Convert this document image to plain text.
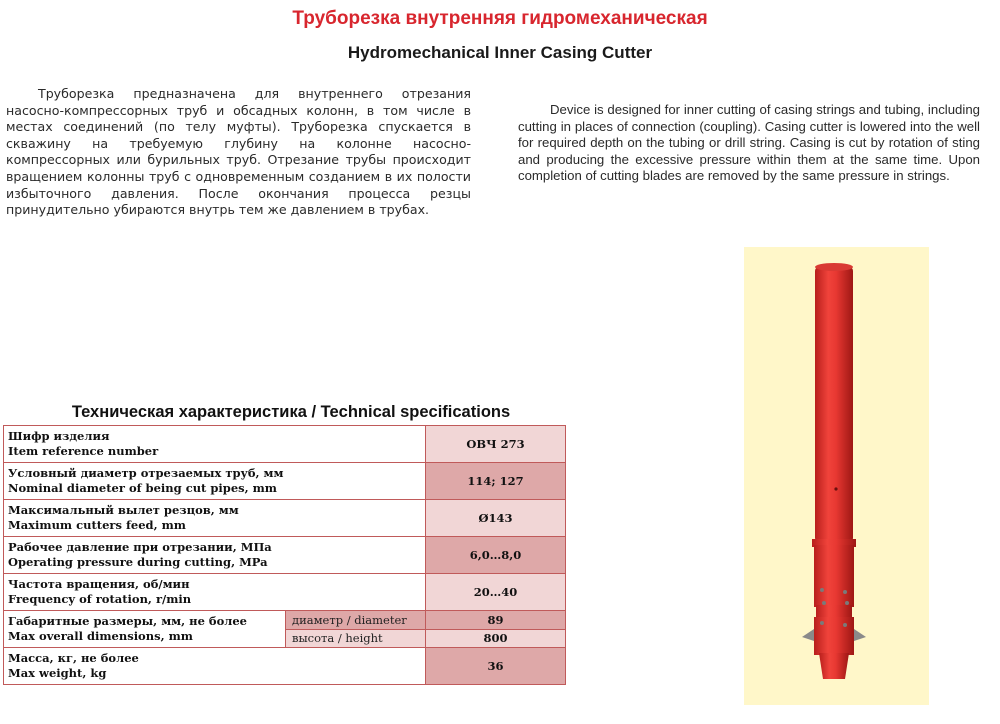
Труборезка внутренняя гидромеханическая
Hydromechanical Inner Casing Cutter

Труборезка предназначена для внутреннего отрезания насосно-компрессорных труб и обсадных колонн, в том числе в местах соединений (по телу муфты). Труборезка спускается в скважину на требуемую глубину на колонне насосно-компрессорных или бурильных труб. Отрезание трубы происходит вращением колонны труб с одновременным созданием в их полости избыточного давления. После окончания процесса резцы принудительно убираются внутрь тем же давлением в трубах.

Device is designed for inner cutting of casing strings and tubing, including cutting in places of connection (coupling). Casing cutter is lowered into the well for required depth on the tubing or drill string. Casing is cut by rotation of sting and producing the excessive pressure within them at the same time. Upon completion of cutting blades are removed by the same pressure in strings.

Техническая характеристика / Technical specifications
Шифр изделия
Item reference number		ОВЧ 273
Условный диаметр отрезаемых труб, мм
Nominal diameter of being cut pipes, mm		114; 127
Максимальный вылет резцов, мм
Maximum cutters feed, mm		Ø143
Рабочее давление при отрезании, МПа
Operating pressure during cutting, MPa		6,0…8,0
Частота вращения, об/мин
Frequency of rotation, r/min		20…40
Габаритные размеры, мм, не более
Max overall dimensions, mm	диаметр / diameter	89
	высота / height	800
Масса, кг, не более
Max weight, kg		36
